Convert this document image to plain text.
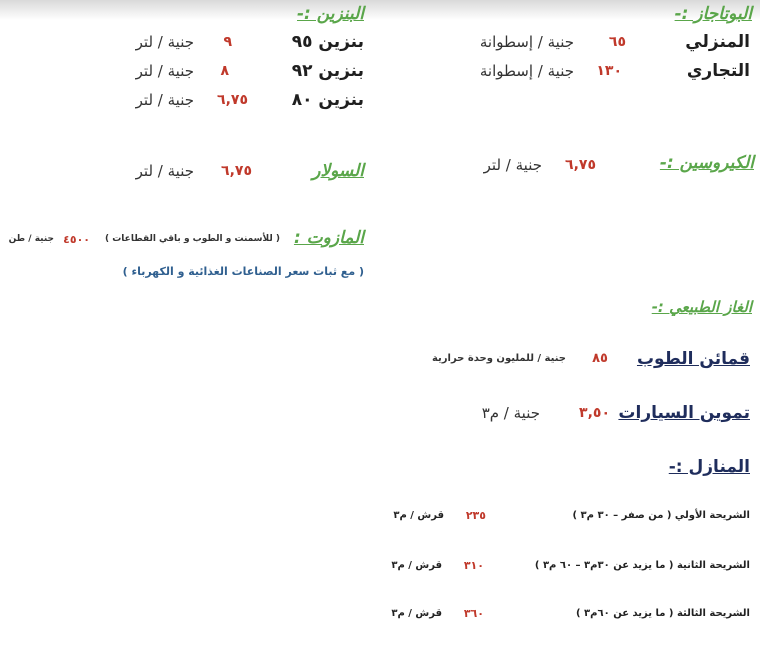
البوتاجاز :-
المنزلي
٦٥
جنية / إسطوانة
التجاري
١٣٠
جنية / إسطوانة
البنزين :-
بنزين ٩٥
٩
جنية / لتر
بنزين ٩٢
٨
جنية / لتر
بنزين ٨٠
٦,٧٥
جنية / لتر
الكيروسين :-
٦,٧٥
جنية / لتر
السولار
٦,٧٥
جنية / لتر
المازوت :
( للأسمنت و الطوب و باقي القطاعات )
٤٥٠٠
جنية / طن
( مع ثبات سعر الصناعات الغذائية و الكهرباء )
الغاز الطبيعي :-
قمائن الطوب
٨٥
جنية / للمليون وحدة حرارية
تموين السيارات
٣,٥٠
جنية / م٣
المنازل :-
الشريحة الأولي ( من صفر – ٣٠ م٣ )
٢٣٥
قرش / م٣
الشريحة الثانية ( ما يزيد عن ٣٠م٣ – ٦٠ م٣ )
٣١٠
قرش / م٣
الشريحة الثالثة ( ما يزيد عن ٦٠م٣ )
٣٦٠
قرش / م٣
